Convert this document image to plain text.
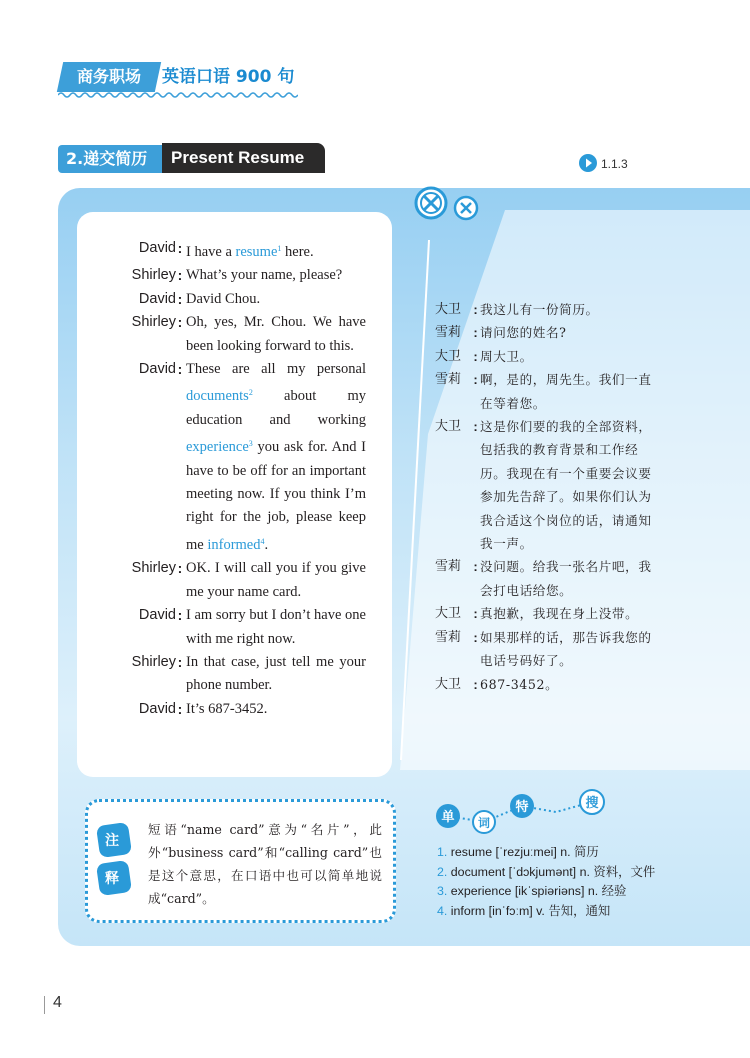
商务职场	英语口语 900 句
2.递交简历	Present Resume	1.1.3
David : I have a resume$^1$ here.
Shirley : What’s your name, please?
David : David Chou.
Shirley : Oh, yes, Mr. Chou. We have been looking forward to this.
David : These are all my personal documents$^2$ about my education and working experience$^3$ you ask for. And I have to be off for an important meeting now. If you think I’m right for the job, please keep me informed$^4$.
Shirley : OK. I will call you if you give me your name card.
David : I am sorry but I don’t have one with me right now.
Shirley : In that case, just tell me your phone number.
David : It’s 687-3452.
大卫 : 我这儿有一份简历。
雪莉 : 请问您的姓名?
大卫 : 周大卫。
雪莉 : 啊，是的，周先生。我们一直在等着您。
大卫 : 这是你们要的我的全部资料，包括我的教育背景和工作经历。我现在有一个重要会议要参加先告辞了。如果你们认为我合适这个岗位的话，请通知我一声。
雪莉 : 没问题。给我一张名片吧，我会打电话给您。
大卫 : 真抱歉，我现在身上没带。
雪莉 : 如果那样的话，那告诉我您的电话号码好了。
大卫 : 687-3452。
注
释
短语“name card”意为“名片”，此外“business card”和“calling card”也是这个意思，在口语中也可以简单地说成“card”。
单 词
特	搜
1. resume [ˈrezjuːmei] n. 简历
2. document [ˈdɔkjumənt] n. 资料，文件
3. experience [ikˈspiəriəns] n. 经验
4. inform [inˈfɔːm] v. 告知，通知
4
